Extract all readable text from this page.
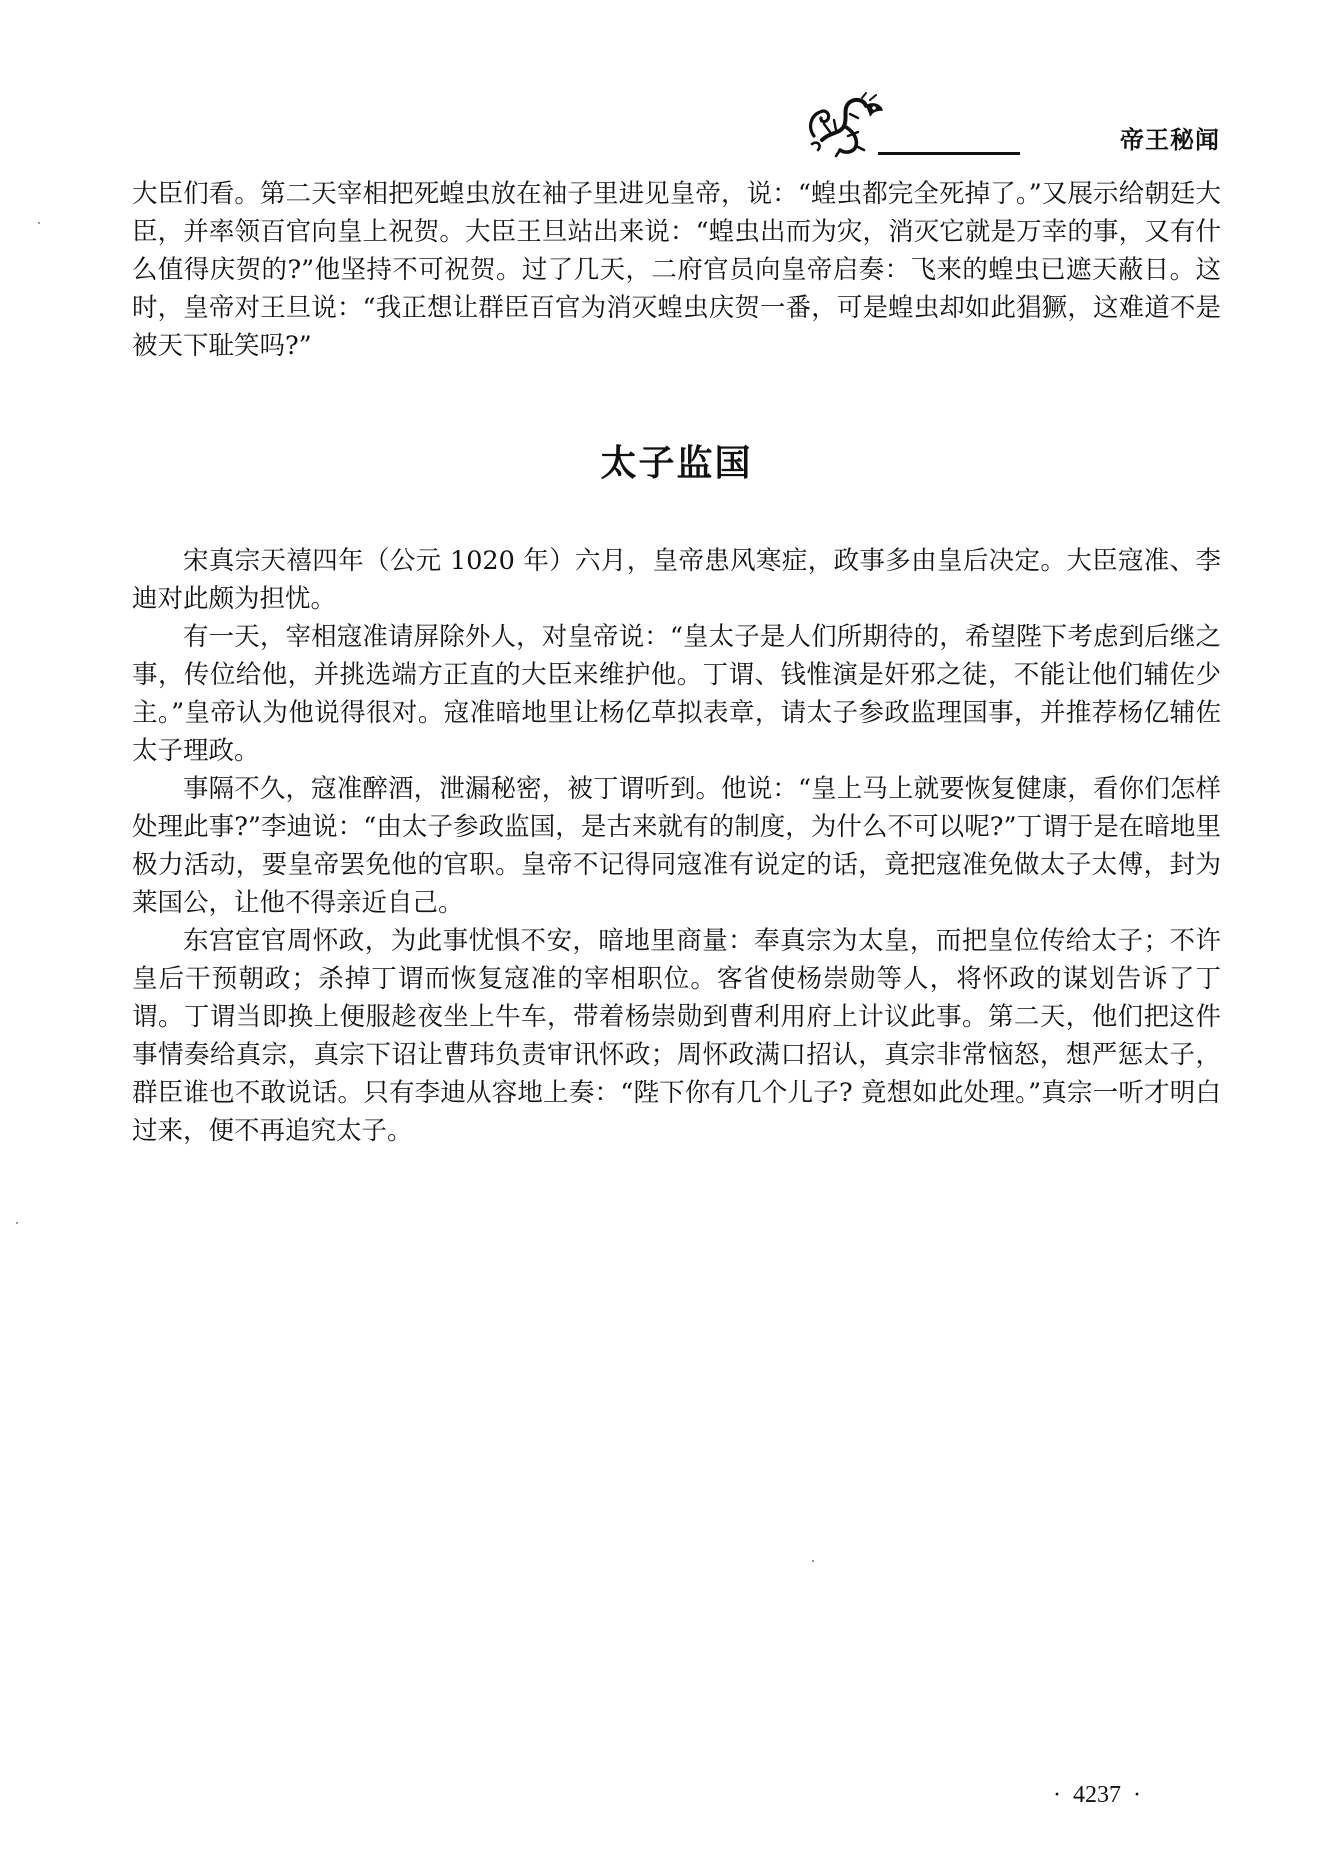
帝王秘闻

大臣们看。第二天宰相把死蝗虫放在袖子里进见皇帝，说：“蝗虫都完全死掉了。”又展示给朝廷大臣，并率领百官向皇上祝贺。大臣王旦站出来说：“蝗虫出而为灾，消灭它就是万幸的事，又有什么值得庆贺的?”他坚持不可祝贺。过了几天，二府官员向皇帝启奏：飞来的蝗虫已遮天蔽日。这时，皇帝对王旦说：“我正想让群臣百官为消灭蝗虫庆贺一番，可是蝗虫却如此猖獗，这难道不是被天下耻笑吗?”

太子监国

宋真宗天禧四年（公元 1020 年）六月，皇帝患风寒症，政事多由皇后决定。大臣寇准、李迪对此颇为担忧。

有一天，宰相寇准请屏除外人，对皇帝说：“皇太子是人们所期待的，希望陛下考虑到后继之事，传位给他，并挑选端方正直的大臣来维护他。丁谓、钱惟演是奸邪之徒，不能让他们辅佐少主。”皇帝认为他说得很对。寇准暗地里让杨亿草拟表章，请太子参政监理国事，并推荐杨亿辅佐太子理政。

事隔不久，寇准醉酒，泄漏秘密，被丁谓听到。他说：“皇上马上就要恢复健康，看你们怎样处理此事?”李迪说：“由太子参政监国，是古来就有的制度，为什么不可以呢?”丁谓于是在暗地里极力活动，要皇帝罢免他的官职。皇帝不记得同寇准有说定的话，竟把寇准免做太子太傅，封为莱国公，让他不得亲近自己。

东宫宦官周怀政，为此事忧惧不安，暗地里商量：奉真宗为太皇，而把皇位传给太子；不许皇后干预朝政；杀掉丁谓而恢复寇准的宰相职位。客省使杨崇勋等人，将怀政的谋划告诉了丁谓。丁谓当即换上便服趁夜坐上牛车，带着杨崇勋到曹利用府上计议此事。第二天，他们把这件事情奏给真宗，真宗下诏让曹玮负责审讯怀政；周怀政满口招认，真宗非常恼怒，想严惩太子，群臣谁也不敢说话。只有李迪从容地上奏：“陛下你有几个儿子? 竟想如此处理。”真宗一听才明白过来，便不再追究太子。

· 4237 ·
